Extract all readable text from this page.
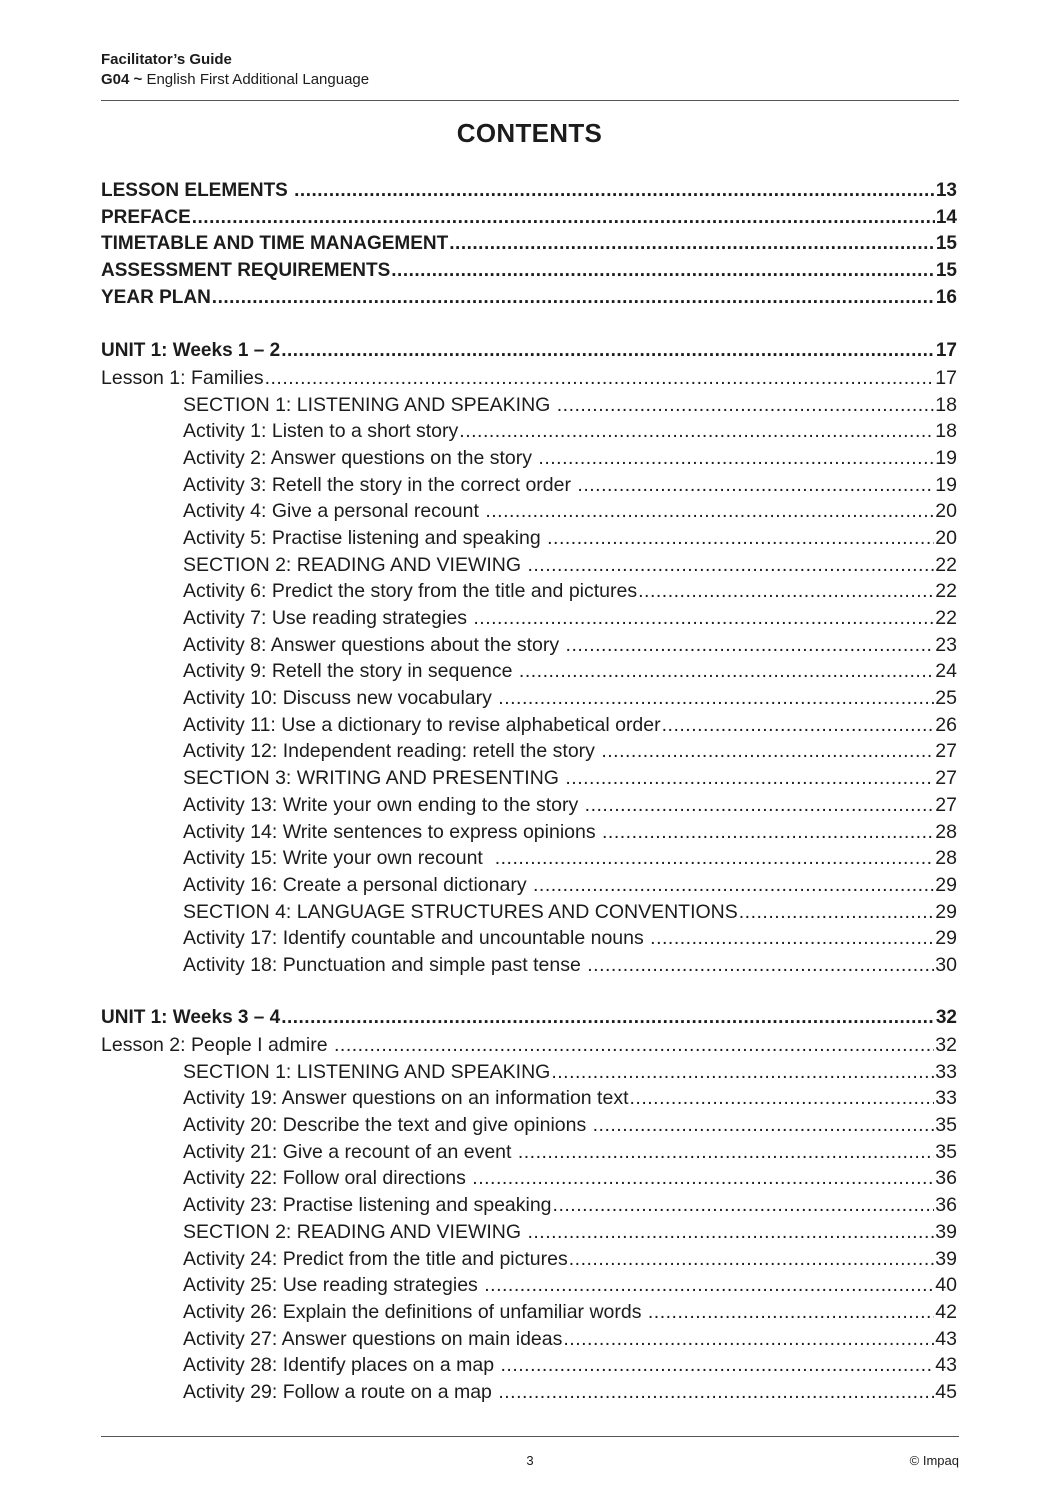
Facilitator’s Guide
G04 ~ English First Additional Language
CONTENTS
LESSON ELEMENTS .....	13
PREFACE .....	14
TIMETABLE AND TIME MANAGEMENT .....	15
ASSESSMENT REQUIREMENTS .....	15
YEAR PLAN .....	16
UNIT 1: Weeks 1 – 2 .....	17
Lesson 1: Families .....	17
SECTION 1: LISTENING AND SPEAKING .....	18
Activity 1: Listen to a short story .....	18
Activity 2: Answer questions on the story .....	19
Activity 3: Retell the story in the correct order .....	19
Activity 4: Give a personal recount .....	20
Activity 5: Practise listening and speaking .....	20
SECTION 2: READING AND VIEWING .....	22
Activity 6: Predict the story from the title and pictures .....	22
Activity 7: Use reading strategies .....	22
Activity 8: Answer questions about the story .....	23
Activity 9: Retell the story in sequence .....	24
Activity 10: Discuss new vocabulary .....	25
Activity 11: Use a dictionary to revise alphabetical order .....	26
Activity 12: Independent reading: retell the story .....	27
SECTION 3: WRITING AND PRESENTING .....	27
Activity 13: Write your own ending to the story .....	27
Activity 14: Write sentences to express opinions .....	28
Activity 15: Write your own recount .....	28
Activity 16: Create a personal dictionary .....	29
SECTION 4: LANGUAGE STRUCTURES AND CONVENTIONS .....	29
Activity 17: Identify countable and uncountable nouns .....	29
Activity 18: Punctuation and simple past tense .....	30
UNIT 1: Weeks 3 – 4 .....	32
Lesson 2: People I admire .....	32
SECTION 1: LISTENING AND SPEAKING .....	33
Activity 19: Answer questions on an information text .....	33
Activity 20: Describe the text and give opinions .....	35
Activity 21: Give a recount of an event .....	35
Activity 22: Follow oral directions .....	36
Activity 23: Practise listening and speaking .....	36
SECTION 2: READING AND VIEWING .....	39
Activity 24: Predict from the title and pictures .....	39
Activity 25: Use reading strategies .....	40
Activity 26: Explain the definitions of unfamiliar words .....	42
Activity 27: Answer questions on main ideas .....	43
Activity 28: Identify places on a map .....	43
Activity 29: Follow a route on a map .....	45
3	© Impaq
